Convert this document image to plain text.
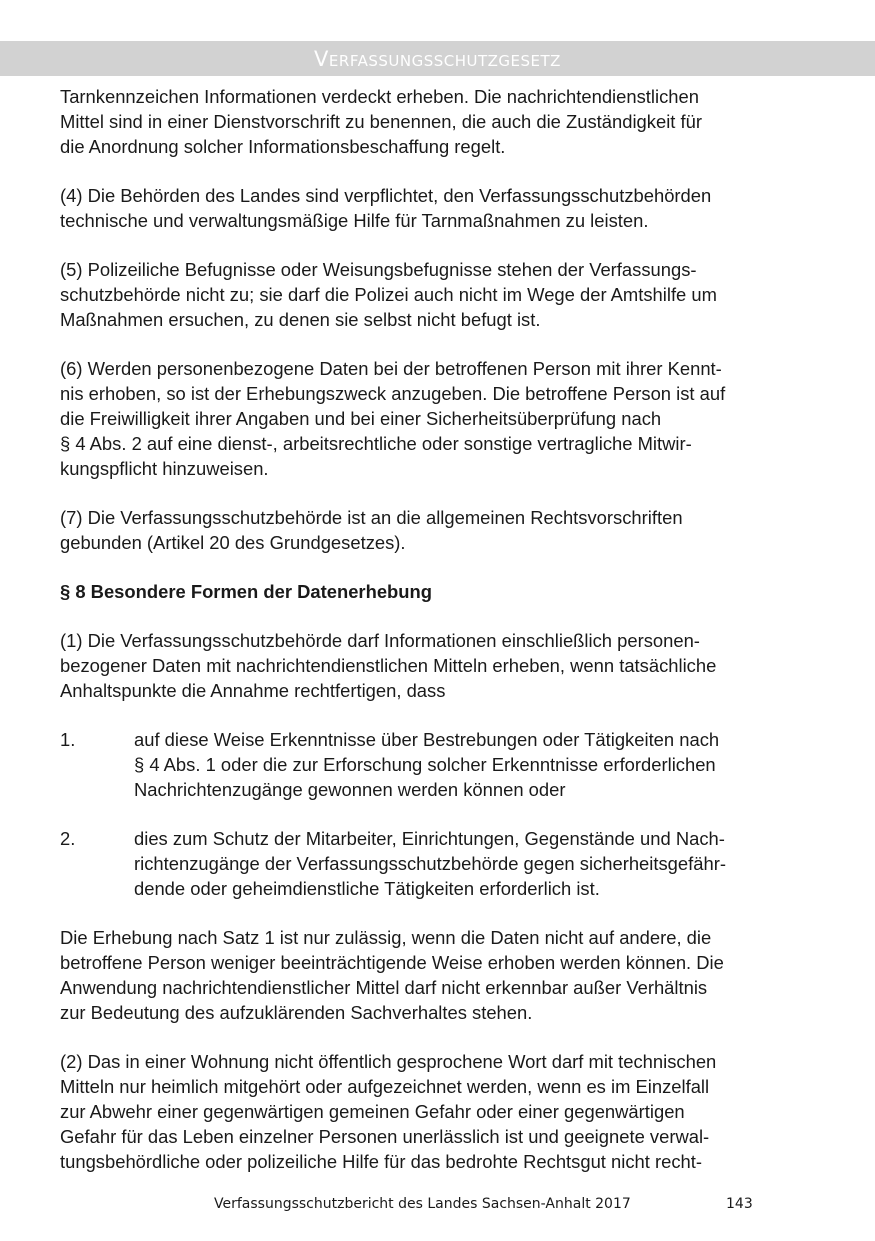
Verfassungsschutzgesetz
Tarnkennzeichen Informationen verdeckt erheben. Die nachrichtendienstlichen
Mittel sind in einer Dienstvorschrift zu benennen, die auch die Zuständigkeit für
die Anordnung solcher Informationsbeschaffung regelt.
(4) Die Behörden des Landes sind verpflichtet, den Verfassungsschutzbehörden
technische und verwaltungsmäßige Hilfe für Tarnmaßnahmen zu leisten.
(5) Polizeiliche Befugnisse oder Weisungsbefugnisse stehen der Verfassungs-
schutzbehörde nicht zu; sie darf die Polizei auch nicht im Wege der Amtshilfe um
Maßnahmen ersuchen, zu denen sie selbst nicht befugt ist.
(6) Werden personenbezogene Daten bei der betroffenen Person mit ihrer Kennt-
nis erhoben, so ist der Erhebungszweck anzugeben. Die betroffene Person ist auf
die Freiwilligkeit ihrer Angaben und bei einer Sicherheitsüberprüfung nach
§ 4 Abs. 2 auf eine dienst-, arbeitsrechtliche oder sonstige vertragliche Mitwir-
kungspflicht hinzuweisen.
(7) Die Verfassungsschutzbehörde ist an die allgemeinen Rechtsvorschriften
gebunden (Artikel 20 des Grundgesetzes).
§ 8 Besondere Formen der Datenerhebung
(1) Die Verfassungsschutzbehörde darf Informationen einschließlich personen-
bezogener Daten mit nachrichtendienstlichen Mitteln erheben, wenn tatsächliche
Anhaltspunkte die Annahme rechtfertigen, dass
1.	auf diese Weise Erkenntnisse über Bestrebungen oder Tätigkeiten nach
§ 4 Abs. 1 oder die zur Erforschung solcher Erkenntnisse erforderlichen
Nachrichtenzugänge gewonnen werden können oder
2.	dies zum Schutz der Mitarbeiter, Einrichtungen, Gegenstände und Nach-
richtenzugänge der Verfassungsschutzbehörde gegen sicherheitsgefähr-
dende oder geheimdienstliche Tätigkeiten erforderlich ist.
Die Erhebung nach Satz 1 ist nur zulässig, wenn die Daten nicht auf andere, die
betroffene Person weniger beeinträchtigende Weise erhoben werden können. Die
Anwendung nachrichtendienstlicher Mittel darf nicht erkennbar außer Verhältnis
zur Bedeutung des aufzuklärenden Sachverhaltes stehen.
(2) Das in einer Wohnung nicht öffentlich gesprochene Wort darf mit technischen
Mitteln nur heimlich mitgehört oder aufgezeichnet werden, wenn es im Einzelfall
zur Abwehr einer gegenwärtigen gemeinen Gefahr oder einer gegenwärtigen
Gefahr für das Leben einzelner Personen unerlässlich ist und geeignete verwal-
tungsbehördliche oder polizeiliche Hilfe für das bedrohte Rechtsgut nicht recht-
Verfassungsschutzbericht des Landes Sachsen-Anhalt 2017	143
